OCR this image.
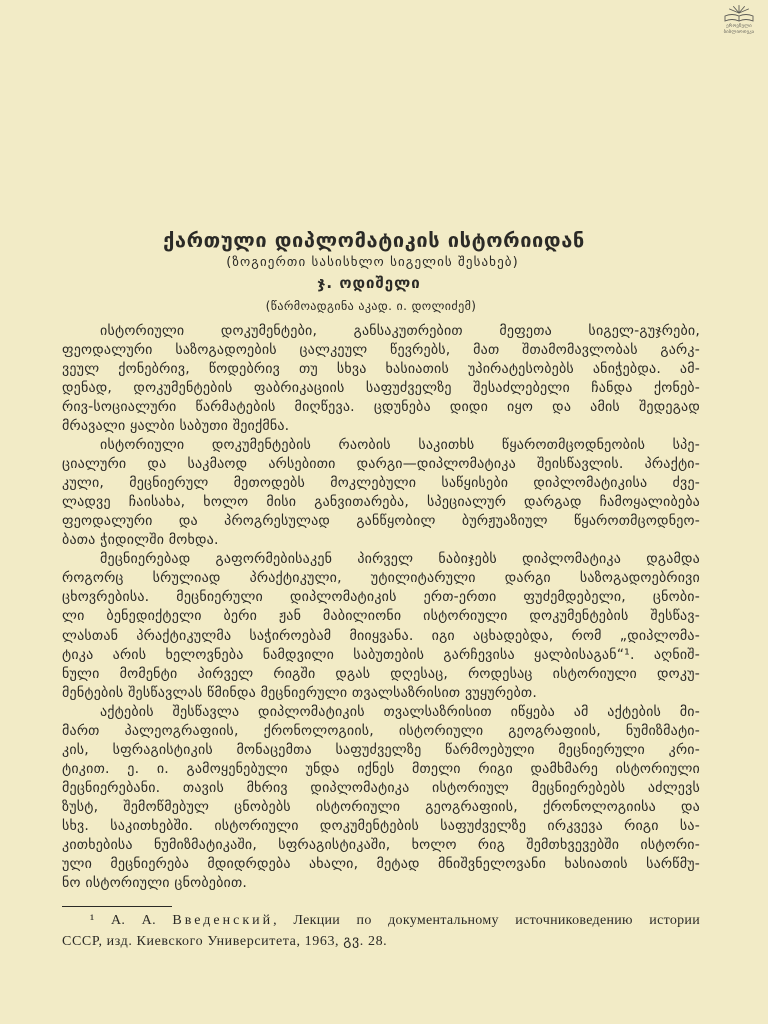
ეროვნული
ბიბლიოთეკა
ქართული დიპლომატიკის ისტორიიდან
(ზოგიერთი სასისხლო სიგელის შესახებ)
ჯ. ოდიშელი
(წარმოადგინა აკად. ი. დოლიძემ)
ისტორიული დოკუმენტები, განსაკუთრებით მეფეთა სიგელ-გუჯრები,
ფეოდალური საზოგადოების ცალკეულ წევრებს, მათ შთამომავლობას გარკ-
ვეულ ქონებრივ, წოდებრივ თუ სხვა ხასიათის უპირატესობებს ანიჭებდა. ამ-
დენად, დოკუმენტების ფაბრიკაციის საფუძველზე შესაძლებელი ჩანდა ქონებ-
რივ-სოციალური წარმატების მიღწევა. ცდუნება დიდი იყო და ამის შედეგად
მრავალი ყალბი საბუთი შეიქმნა.
ისტორიული დოკუმენტების რაობის საკითხს წყაროთმცოდნეობის სპე-
ციალური და საკმაოდ არსებითი დარგი—დიპლომატიკა შეისწავლის. პრაქტი-
კული, მეცნიერულ მეთოდებს მოკლებული საწყისები დიპლომატიკისა ძვე-
ლადვე ჩაისახა, ხოლო მისი განვითარება, სპეციალურ დარგად ჩამოყალიბება
ფეოდალური და პროგრესულად განწყობილ ბურჟუაზიულ წყაროთმცოდნეო-
ბათა ჭიდილში მოხდა.
მეცნიერებად გაფორმებისაკენ პირველ ნაბიჯებს დიპლომატიკა დგამდა
როგორც სრულიად პრაქტიკული, უტილიტარული დარგი საზოგადოებრივი
ცხოვრებისა. მეცნიერული დიპლომატიკის ერთ-ერთი ფუძემდებელი, ცნობი-
ლი ბენედიქტელი ბერი ჟან მაბილიონი ისტორიული დოკუმენტების შესწავ-
ლასთან პრაქტიკულმა საჭიროებამ მიიყვანა. იგი აცხადებდა, რომ „დიპლომა-
ტიკა არის ხელოვნება ნამდვილი საბუთების გარჩევისა ყალბისაგან“¹. აღნიშ-
ნული მომენტი პირველ რიგში დგას დღესაც, როდესაც ისტორიული დოკუ-
მენტების შესწავლას წმინდა მეცნიერული თვალსაზრისით ვუყურებთ.
აქტების შესწავლა დიპლომატიკის თვალსაზრისით იწყება ამ აქტების მი-
მართ პალეოგრაფიის, ქრონოლოგიის, ისტორიული გეოგრაფიის, ნუმიზმატი-
კის, სფრაგისტიკის მონაცემთა საფუძველზე წარმოებული მეცნიერული კრი-
ტიკით. ე. ი. გამოყენებული უნდა იქნეს მთელი რიგი დამხმარე ისტორიული
მეცნიერებანი. თავის მხრივ დიპლომატიკა ისტორიულ მეცნიერებებს აძლევს
ზუსტ, შემოწმებულ ცნობებს ისტორიული გეოგრაფიის, ქრონოლოგიისა და
სხვ. საკითხებში. ისტორიული დოკუმენტების საფუძველზე ირკვევა რიგი სა-
კითხებისა ნუმიზმატიკაში, სფრაგისტიკაში, ხოლო რიგ შემთხვევებში ისტორი-
ული მეცნიერება მდიდრდება ახალი, მეტად მნიშვნელოვანი ხასიათის სარწმუ-
ნო ისტორიული ცნობებით.
¹ А. А. Введенский, Лекции по документальному источниковедению истории
СССР, изд. Киевского Университета, 1963, გვ. 28.
